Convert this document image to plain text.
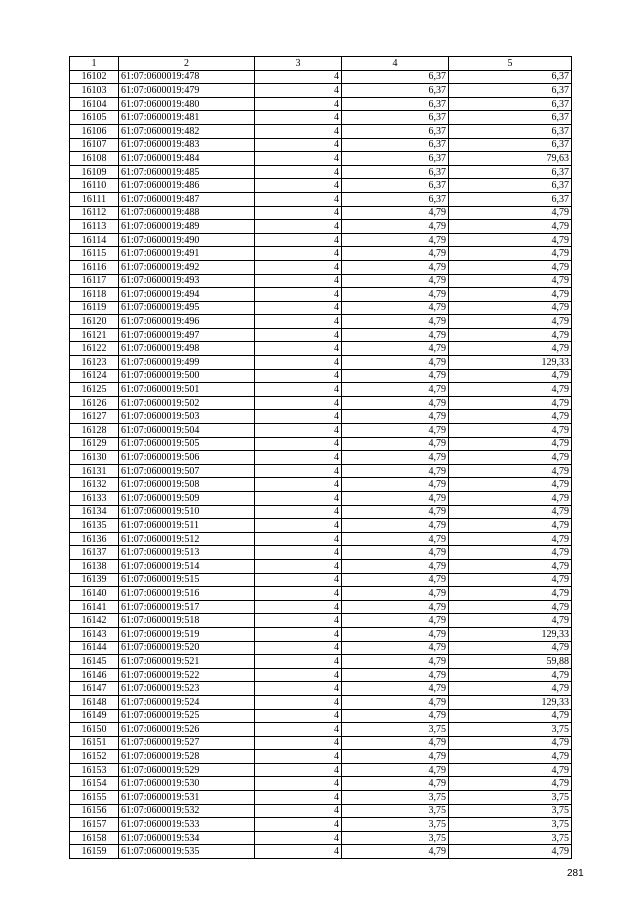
1	2	3	4	5
16102	61:07:0600019:478	4	6,37	6,37
16103	61:07:0600019:479	4	6,37	6,37
16104	61:07:0600019:480	4	6,37	6,37
16105	61:07:0600019:481	4	6,37	6,37
16106	61:07:0600019:482	4	6,37	6,37
16107	61:07:0600019:483	4	6,37	6,37
16108	61:07:0600019:484	4	6,37	79,63
16109	61:07:0600019:485	4	6,37	6,37
16110	61:07:0600019:486	4	6,37	6,37
16111	61:07:0600019:487	4	6,37	6,37
16112	61:07:0600019:488	4	4,79	4,79
16113	61:07:0600019:489	4	4,79	4,79
16114	61:07:0600019:490	4	4,79	4,79
16115	61:07:0600019:491	4	4,79	4,79
16116	61:07:0600019:492	4	4,79	4,79
16117	61:07:0600019:493	4	4,79	4,79
16118	61:07:0600019:494	4	4,79	4,79
16119	61:07:0600019:495	4	4,79	4,79
16120	61:07:0600019:496	4	4,79	4,79
16121	61:07:0600019:497	4	4,79	4,79
16122	61:07:0600019:498	4	4,79	4,79
16123	61:07:0600019:499	4	4,79	129,33
16124	61:07:0600019:500	4	4,79	4,79
16125	61:07:0600019:501	4	4,79	4,79
16126	61:07:0600019:502	4	4,79	4,79
16127	61:07:0600019:503	4	4,79	4,79
16128	61:07:0600019:504	4	4,79	4,79
16129	61:07:0600019:505	4	4,79	4,79
16130	61:07:0600019:506	4	4,79	4,79
16131	61:07:0600019:507	4	4,79	4,79
16132	61:07:0600019:508	4	4,79	4,79
16133	61:07:0600019:509	4	4,79	4,79
16134	61:07:0600019:510	4	4,79	4,79
16135	61:07:0600019:511	4	4,79	4,79
16136	61:07:0600019:512	4	4,79	4,79
16137	61:07:0600019:513	4	4,79	4,79
16138	61:07:0600019:514	4	4,79	4,79
16139	61:07:0600019:515	4	4,79	4,79
16140	61:07:0600019:516	4	4,79	4,79
16141	61:07:0600019:517	4	4,79	4,79
16142	61:07:0600019:518	4	4,79	4,79
16143	61:07:0600019:519	4	4,79	129,33
16144	61:07:0600019:520	4	4,79	4,79
16145	61:07:0600019:521	4	4,79	59,88
16146	61:07:0600019:522	4	4,79	4,79
16147	61:07:0600019:523	4	4,79	4,79
16148	61:07:0600019:524	4	4,79	129,33
16149	61:07:0600019:525	4	4,79	4,79
16150	61:07:0600019:526	4	3,75	3,75
16151	61:07:0600019:527	4	4,79	4,79
16152	61:07:0600019:528	4	4,79	4,79
16153	61:07:0600019:529	4	4,79	4,79
16154	61:07:0600019:530	4	4,79	4,79
16155	61:07:0600019:531	4	3,75	3,75
16156	61:07:0600019:532	4	3,75	3,75
16157	61:07:0600019:533	4	3,75	3,75
16158	61:07:0600019:534	4	3,75	3,75
16159	61:07:0600019:535	4	4,79	4,79
281
